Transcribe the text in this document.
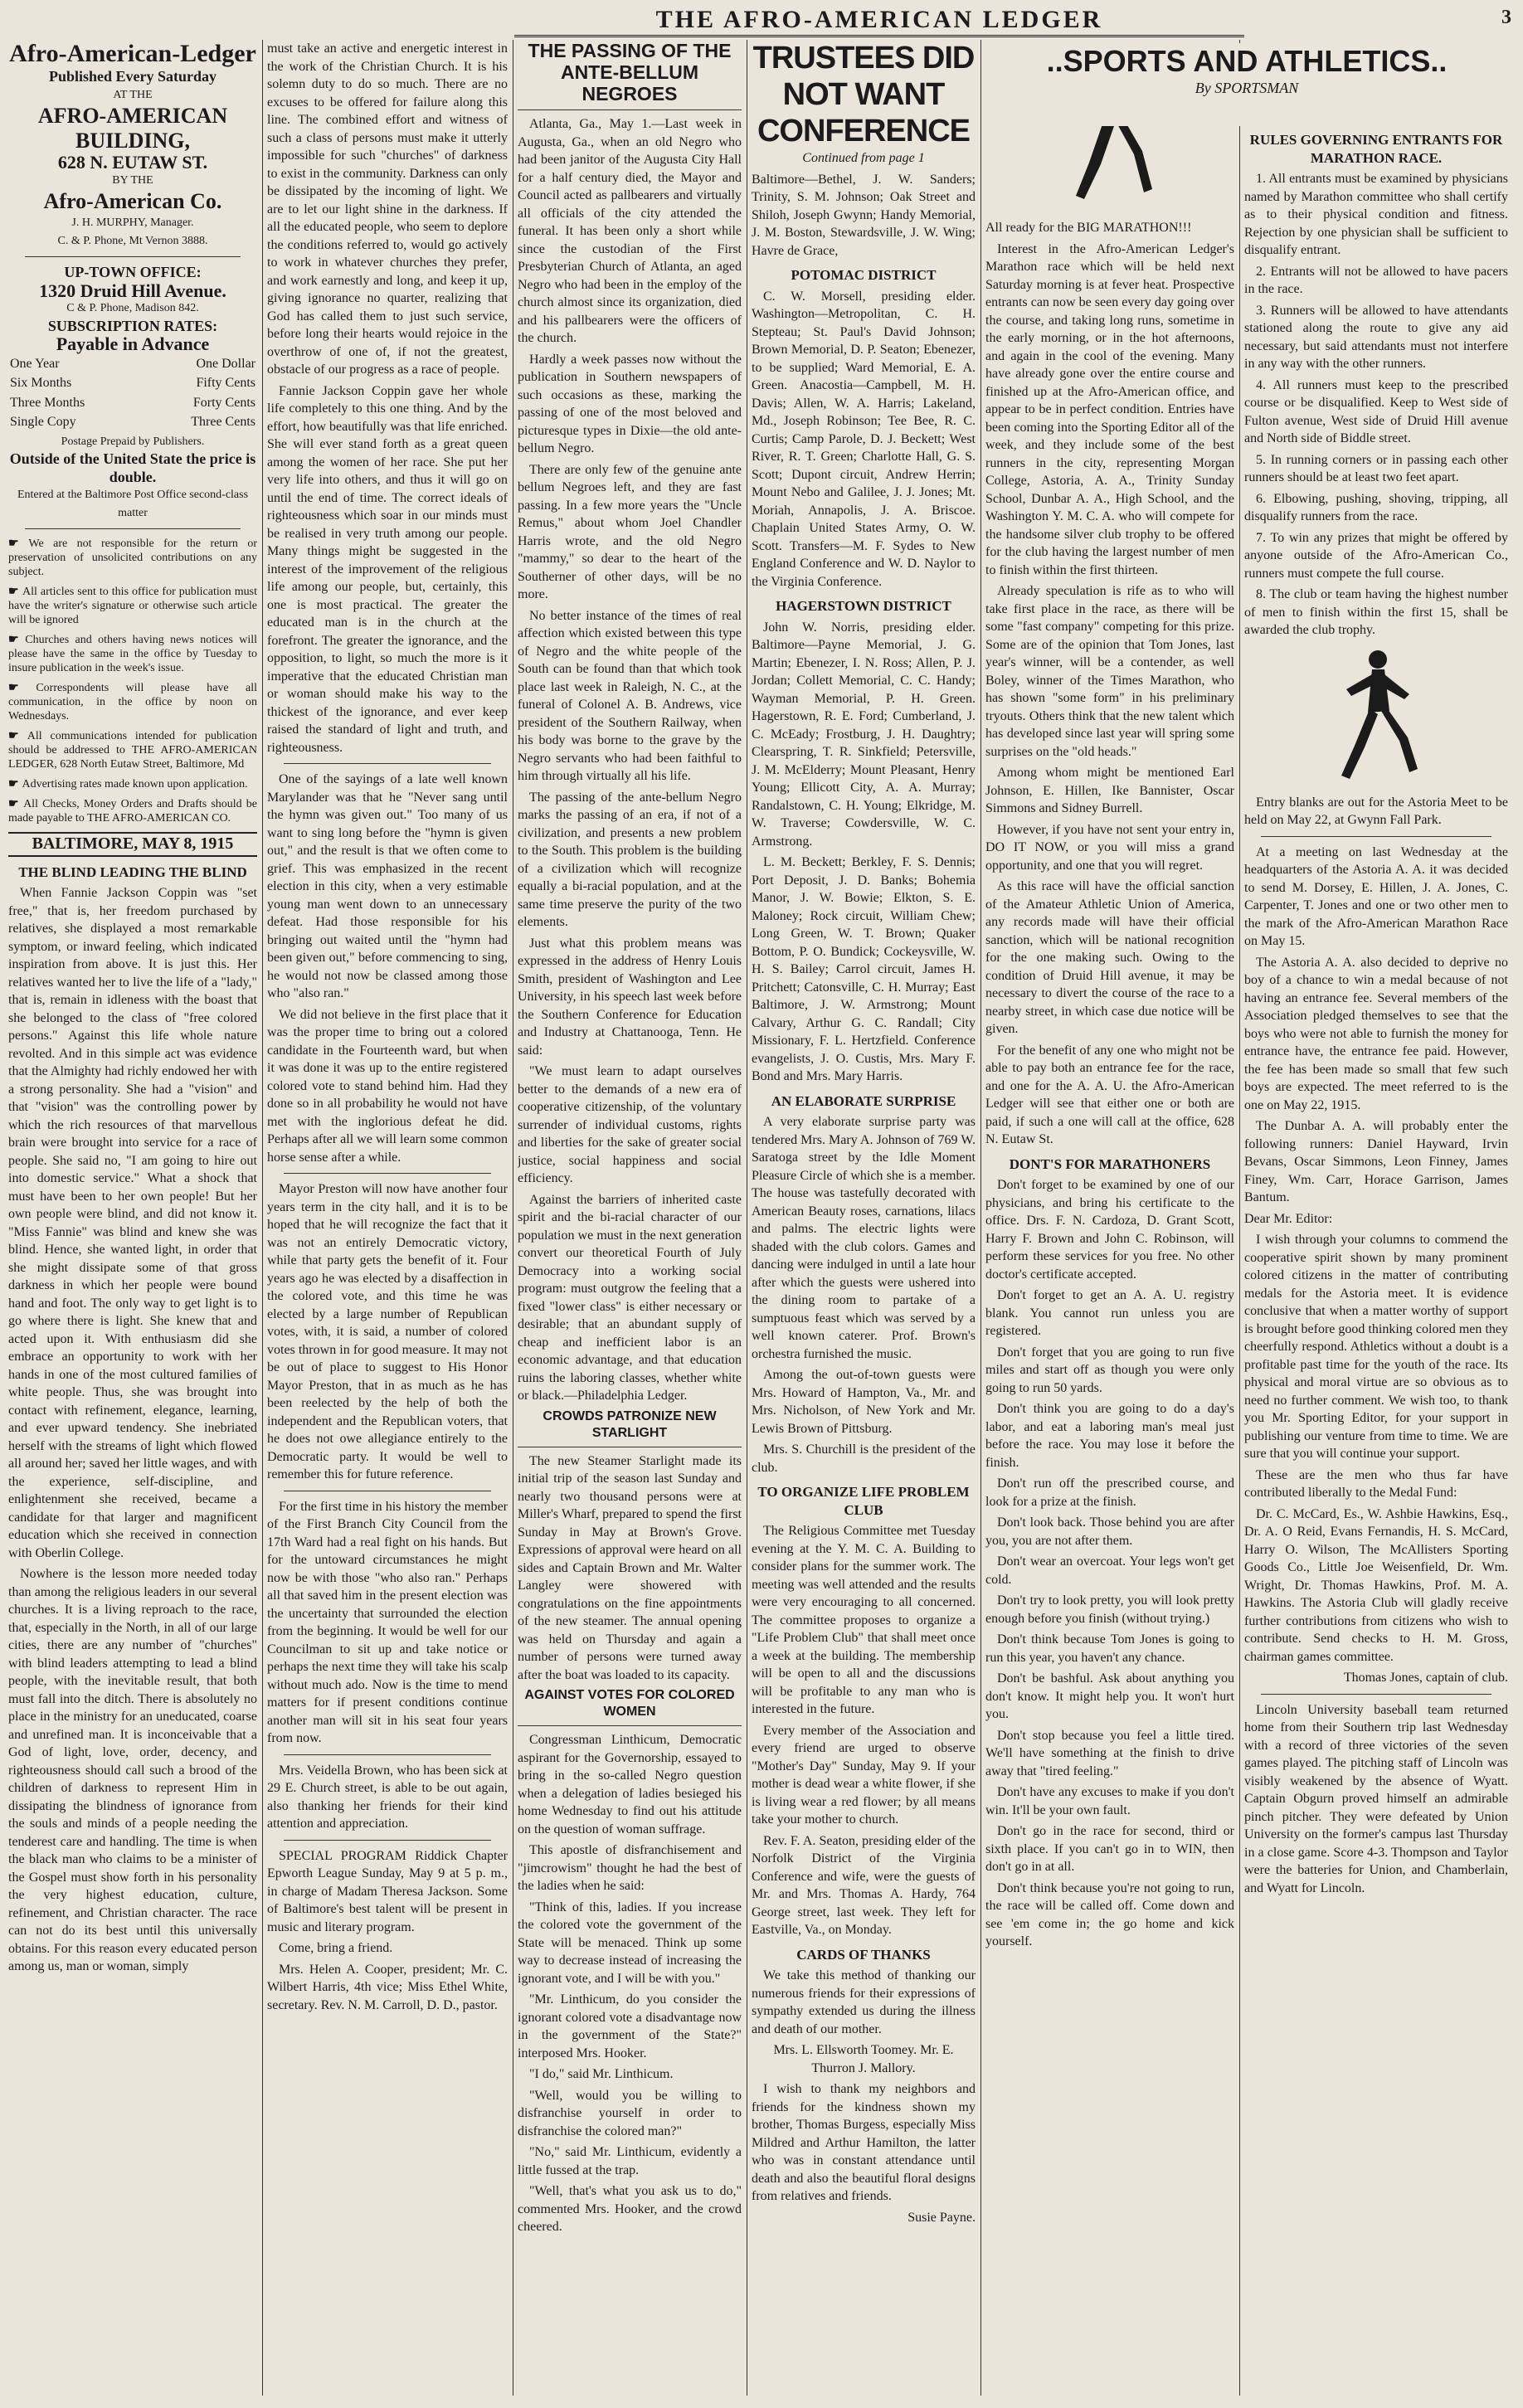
THE AFRO-AMERICAN LEDGER	3
Afro-American-Ledger
Published Every Saturday
AT THE
AFRO-AMERICAN BUILDING,
628 N. EUTAW ST.
BY THE
Afro-American Co.
J. H. MURPHY, Manager.
C. & P. Phone, Mt Vernon 3888.
UP-TOWN OFFICE:
1320 Druid Hill Avenue.
C & P. Phone, Madison 842.
SUBSCRIPTION RATES:
Payable in Advance
One Year	One Dollar
Six Months	Fifty Cents
Three Months	Forty Cents
Single Copy	Three Cents
Postage Prepaid by Publishers.
Outside of the United State the price is double.
Entered at the Baltimore Post Office second-class matter

☛ We are not responsible for the return or preservation of unsolicited contributions on any subject.

☛ All articles sent to this office for publication must have the writer's signature or otherwise such article will be ignored

☛ Churches and others having news notices will please have the same in the office by Tuesday to insure publication in the week's issue.

☛ Correspondents will please have all communication, in the office by noon on Wednesdays.

☛ All communications intended for publication should be addressed to THE AFRO-AMERICAN LEDGER, 628 North Eutaw Street, Baltimore, Md

☛ Advertising rates made known upon application.

☛ All Checks, Money Orders and Drafts should be made payable to THE AFRO-AMERICAN CO.

BALTIMORE, MAY 8, 1915
THE BLIND LEADING THE BLIND

When Fannie Jackson Coppin was "set free," that is, her freedom purchased by relatives, she displayed a most remarkable symptom, or inward feeling, which indicated inspiration from above. It is just this. Her relatives wanted her to live the life of a "lady," that is, remain in idleness with the boast that she belonged to the class of "free colored persons." Against this life whole nature revolted. And in this simple act was evidence that the Almighty had richly endowed her with a strong personality. She had a "vision" and that "vision" was the controlling power by which the rich resources of that marvellous brain were brought into service for a race of people. She said no, "I am going to hire out into domestic service." What a shock that must have been to her own people! But her own people were blind, and did not know it. "Miss Fannie" was blind and knew she was blind. Hence, she wanted light, in order that she might dissipate some of that gross darkness in which her people were bound hand and foot. The only way to get light is to go where there is light. She knew that and acted upon it. With enthusiasm did she embrace an opportunity to work with her hands in one of the most cultured families of white people. Thus, she was brought into contact with refinement, elegance, learning, and ever upward tendency. She inebriated herself with the streams of light which flowed all around her; saved her little wages, and with the experience, self-discipline, and enlightenment she received, became a candidate for that larger and magnificent education which she received in connection with Oberlin College.

Nowhere is the lesson more needed today than among the religious leaders in our several churches. It is a living reproach to the race, that, especially in the North, in all of our large cities, there are any number of "churches" with blind leaders attempting to lead a blind people, with the inevitable result, that both must fall into the ditch. There is absolutely no place in the ministry for an uneducated, coarse and unrefined man. It is inconceivable that a God of light, love, order, decency, and righteousness should call such a brood of the children of darkness to represent Him in dissipating the blindness of ignorance from the souls and minds of a people needing the tenderest care and handling. The time is when the black man who claims to be a minister of the Gospel must show forth in his personality the very highest education, culture, refinement, and Christian character. The race can not do its best until this universally obtains. For this reason every educated person among us, man or woman, simply

must take an active and energetic interest in the work of the Christian Church. It is his solemn duty to do so much. There are no excuses to be offered for failure along this line. The combined effort and witness of such a class of persons must make it utterly impossible for such "churches" of darkness to exist in the community. Darkness can only be dissipated by the incoming of light. We are to let our light shine in the darkness. If all the educated people, who seem to deplore the conditions referred to, would go actively to work in whatever churches they prefer, and work earnestly and long, and keep it up, giving ignorance no quarter, realizing that God has called them to just such service, before long their hearts would rejoice in the overthrow of one of, if not the greatest, obstacle of our progress as a race of people.

Fannie Jackson Coppin gave her whole life completely to this one thing. And by the effort, how beautifully was that life enriched. She will ever stand forth as a great queen among the women of her race. She put her very life into others, and thus it will go on until the end of time. The correct ideals of righteousness which soar in our minds must be realised in very truth among our people. Many things might be suggested in the interest of the improvement of the religious life among our people, but, certainly, this one is most practical. The greater the educated man is in the church at the forefront. The greater the ignorance, and the opposition, to light, so much the more is it imperative that the educated Christian man or woman should make his way to the thickest of the ignorance, and ever keep raised the standard of light and truth, and righteousness.

One of the sayings of a late well known Marylander was that he "Never sang until the hymn was given out." Too many of us want to sing long before the "hymn is given out," and the result is that we often come to grief. This was emphasized in the recent election in this city, when a very estimable young man went down to an unnecessary defeat. Had those responsible for his bringing out waited until the "hymn had been given out," before commencing to sing, he would not now be classed among those who "also ran."

We did not believe in the first place that it was the proper time to bring out a colored candidate in the Fourteenth ward, but when it was done it was up to the entire registered colored vote to stand behind him. Had they done so in all probability he would not have met with the inglorious defeat he did. Perhaps after all we will learn some common horse sense after a while.

Mayor Preston will now have another four years term in the city hall, and it is to be hoped that he will recognize the fact that it was not an entirely Democratic victory, while that party gets the benefit of it. Four years ago he was elected by a disaffection in the colored vote, and this time he was elected by a large number of Republican votes, with, it is said, a number of colored votes thrown in for good measure. It may not be out of place to suggest to His Honor Mayor Preston, that in as much as he has been reelected by the help of both the independent and the Republican voters, that he does not owe allegiance entirely to the Democratic party. It would be well to remember this for future reference.

For the first time in his history the member of the First Branch City Council from the 17th Ward had a real fight on his hands. But for the untoward circumstances he might now be with those "who also ran." Perhaps all that saved him in the present election was the uncertainty that surrounded the election from the beginning. It would be well for our Councilman to sit up and take notice or perhaps the next time they will take his scalp without much ado. Now is the time to mend matters for if present conditions continue another man will sit in his seat four years from now.

Mrs. Veidella Brown, who has been sick at 29 E. Church street, is able to be out again, also thanking her friends for their kind attention and appreciation.

SPECIAL PROGRAM Riddick Chapter Epworth League Sunday, May 9 at 5 p. m., in charge of Madam Theresa Jackson. Some of Baltimore's best talent will be present in music and literary program.

Come, bring a friend.

Mrs. Helen A. Cooper, president; Mr. C. Wilbert Harris, 4th vice; Miss Ethel White, secretary. Rev. N. M. Carroll, D. D., pastor.

THE PASSING OF THE ANTE-BELLUM NEGROES

Atlanta, Ga., May 1.—Last week in Augusta, Ga., when an old Negro who had been janitor of the Augusta City Hall for a half century died, the Mayor and Council acted as pallbearers and virtually all officials of the city attended the funeral. It has been only a short while since the custodian of the First Presbyterian Church of Atlanta, an aged Negro who had been in the employ of the church almost since its organization, died and his pallbearers were the officers of the church.

Hardly a week passes now without the publication in Southern newspapers of such occasions as these, marking the passing of one of the most beloved and picturesque types in Dixie—the old ante-bellum Negro.

There are only few of the genuine ante bellum Negroes left, and they are fast passing. In a few more years the "Uncle Remus," about whom Joel Chandler Harris wrote, and the old Negro "mammy," so dear to the heart of the Southerner of other days, will be no more.

No better instance of the times of real affection which existed between this type of Negro and the white people of the South can be found than that which took place last week in Raleigh, N. C., at the funeral of Colonel A. B. Andrews, vice president of the Southern Railway, when his body was borne to the grave by the Negro servants who had been faithful to him through virtually all his life.

The passing of the ante-bellum Negro marks the passing of an era, if not of a civilization, and presents a new problem to the South. This problem is the building of a civilization which will recognize equally a bi-racial population, and at the same time preserve the purity of the two elements.

Just what this problem means was expressed in the address of Henry Louis Smith, president of Washington and Lee University, in his speech last week before the Southern Conference for Education and Industry at Chattanooga, Tenn. He said:

"We must learn to adapt ourselves better to the demands of a new era of cooperative citizenship, of the voluntary surrender of individual customs, rights and liberties for the sake of greater social justice, social happiness and social efficiency.

Against the barriers of inherited caste spirit and the bi-racial character of our population we must in the next generation convert our theoretical Fourth of July Democracy into a working social program: must outgrow the feeling that a fixed "lower class" is either necessary or desirable; that an abundant supply of cheap and inefficient labor is an economic advantage, and that education ruins the laboring classes, whether white or black.—Philadelphia Ledger.

CROWDS PATRONIZE NEW STARLIGHT

The new Steamer Starlight made its initial trip of the season last Sunday and nearly two thousand persons were at Miller's Wharf, prepared to spend the first Sunday in May at Brown's Grove. Expressions of approval were heard on all sides and Captain Brown and Mr. Walter Langley were showered with congratulations on the fine appointments of the new steamer. The annual opening was held on Thursday and again a number of persons were turned away after the boat was loaded to its capacity.

AGAINST VOTES FOR COLORED WOMEN

Congressman Linthicum, Democratic aspirant for the Governorship, essayed to bring in the so-called Negro question when a delegation of ladies besieged his home Wednesday to find out his attitude on the question of woman suffrage.

This apostle of disfranchisement and "jimcrowism" thought he had the best of the ladies when he said:

"Think of this, ladies. If you increase the colored vote the government of the State will be menaced. Think up some way to decrease instead of increasing the ignorant vote, and I will be with you."

"Mr. Linthicum, do you consider the ignorant colored vote a disadvantage now in the government of the State?" interposed Mrs. Hooker.

"I do," said Mr. Linthicum.

"Well, would you be willing to disfranchise yourself in order to disfranchise the colored man?"

"No," said Mr. Linthicum, evidently a little fussed at the trap.

"Well, that's what you ask us to do," commented Mrs. Hooker, and the crowd cheered.

TRUSTEES DID NOT WANT CONFERENCE

Continued from page 1

Baltimore—Bethel, J. W. Sanders; Trinity, S. M. Johnson; Oak Street and Shiloh, Joseph Gwynn; Handy Memorial, J. M. Boston, Stewardsville, J. W. Wing; Havre de Grace,

POTOMAC DISTRICT

C. W. Morsell, presiding elder. Washington—Metropolitan, C. H. Stepteau; St. Paul's David Johnson; Brown Memorial, D. P. Seaton; Ebenezer, to be supplied; Ward Memorial, E. A. Green. Anacostia—Campbell, M. H. Davis; Allen, W. A. Harris; Lakeland, Md., Joseph Robinson; Tee Bee, R. C. Curtis; Camp Parole, D. J. Beckett; West River, R. T. Green; Charlotte Hall, G. S. Scott; Dupont circuit, Andrew Herrin; Mount Nebo and Galilee, J. J. Jones; Mt. Moriah, Annapolis, J. A. Briscoe. Chaplain United States Army, O. W. Scott. Transfers—M. F. Sydes to New England Conference and W. D. Naylor to the Virginia Conference.

HAGERSTOWN DISTRICT

John W. Norris, presiding elder. Baltimore—Payne Memorial, J. G. Martin; Ebenezer, I. N. Ross; Allen, P. J. Jordan; Collett Memorial, C. C. Handy; Wayman Memorial, P. H. Green. Hagerstown, R. E. Ford; Cumberland, J. C. McEady; Frostburg, J. H. Daughtry; Clearspring, T. R. Sinkfield; Petersville, J. M. McElderry; Mount Pleasant, Henry Young; Ellicott City, A. A. Murray; Randalstown, C. H. Young; Elkridge, M. W. Traverse; Cowdersville, W. C. Armstrong.

L. M. Beckett; Berkley, F. S. Dennis; Port Deposit, J. D. Banks; Bohemia Manor, J. W. Bowie; Elkton, S. E. Maloney; Rock circuit, William Chew; Long Green, W. T. Brown; Quaker Bottom, P. O. Bundick; Cockeysville, W. H. S. Bailey; Carrol circuit, James H. Pritchett; Catonsville, C. H. Murray; East Baltimore, J. W. Armstrong; Mount Calvary, Arthur G. C. Randall; City Missionary, F. L. Hertzfield. Conference evangelists, J. O. Custis, Mrs. Mary F. Bond and Mrs. Mary Harris.

AN ELABORATE SURPRISE

A very elaborate surprise party was tendered Mrs. Mary A. Johnson of 769 W. Saratoga street by the Idle Moment Pleasure Circle of which she is a member. The house was tastefully decorated with American Beauty roses, carnations, lilacs and palms. The electric lights were shaded with the club colors. Games and dancing were indulged in until a late hour after which the guests were ushered into the dining room to partake of a sumptuous feast which was served by a well known caterer. Prof. Brown's orchestra furnished the music.

Among the out-of-town guests were Mrs. Howard of Hampton, Va., Mr. and Mrs. Nicholson, of New York and Mr. Lewis Brown of Pittsburg.

Mrs. S. Churchill is the president of the club.

TO ORGANIZE LIFE PROBLEM CLUB

The Religious Committee met Tuesday evening at the Y. M. C. A. Building to consider plans for the summer work. The meeting was well attended and the results were very encouraging to all concerned. The committee proposes to organize a "Life Problem Club" that shall meet once a week at the building. The membership will be open to all and the discussions will be profitable to any man who is interested in the future.

Every member of the Association and every friend are urged to observe "Mother's Day" Sunday, May 9. If your mother is dead wear a white flower, if she is living wear a red flower; by all means take your mother to church.

Rev. F. A. Seaton, presiding elder of the Norfolk District of the Virginia Conference and wife, were the guests of Mr. and Mrs. Thomas A. Hardy, 764 George street, last week. They left for Eastville, Va., on Monday.

CARDS OF THANKS

We take this method of thanking our numerous friends for their expressions of sympathy extended us during the illness and death of our mother.

Mrs. L. Ellsworth Toomey. Mr. E. Thurron J. Mallory.

I wish to thank my neighbors and friends for the kindness shown my brother, Thomas Burgess, especially Miss Mildred and Arthur Hamilton, the latter who was in constant attendance until death and also the beautiful floral designs from relatives and friends.

Susie Payne.

All ready for the BIG MARATHON!!!

Interest in the Afro-American Ledger's Marathon race which will be held next Saturday morning is at fever heat. Prospective entrants can now be seen every day going over the course, and taking long runs, sometime in the early morning, or in the hot afternoons, and again in the cool of the evening. Many have already gone over the entire course and finished up at the Afro-American office, and appear to be in perfect condition. Entries have been coming into the Sporting Editor all of the week, and they include some of the best runners in the city, representing Morgan College, Astoria, A. A., Trinity Sunday School, Dunbar A. A., High School, and the Washington Y. M. C. A. who will compete for the handsome silver club trophy to be offered for the club having the largest number of men to finish within the first thirteen.

Already speculation is rife as to who will take first place in the race, as there will be some "fast company" competing for this prize. Some are of the opinion that Tom Jones, last year's winner, will be a contender, as well Boley, winner of the Times Marathon, who has shown "some form" in his preliminary tryouts. Others think that the new talent which has developed since last year will spring some surprises on the "old heads."

Among whom might be mentioned Earl Johnson, E. Hillen, Ike Bannister, Oscar Simmons and Sidney Burrell.

However, if you have not sent your entry in, DO IT NOW, or you will miss a grand opportunity, and one that you will regret.

As this race will have the official sanction of the Amateur Athletic Union of America, any records made will have their official sanction, which will be national recognition for the one making such. Owing to the condition of Druid Hill avenue, it may be necessary to divert the course of the race to a nearby street, in which case due notice will be given.

For the benefit of any one who might not be able to pay both an entrance fee for the race, and one for the A. A. U. the Afro-American Ledger will see that either one or both are paid, if such a one will call at the office, 628 N. Eutaw St.

DONT'S FOR MARATHONERS

Don't forget to be examined by one of our physicians, and bring his certificate to the office. Drs. F. N. Cardoza, D. Grant Scott, Harry F. Brown and John C. Robinson, will perform these services for you free. No other doctor's certificate accepted.

Don't forget to get an A. A. U. registry blank. You cannot run unless you are registered.

Don't forget that you are going to run five miles and start off as though you were only going to run 50 yards.

Don't think you are going to do a day's labor, and eat a laboring man's meal just before the race. You may lose it before the finish.

Don't run off the prescribed course, and look for a prize at the finish.

Don't look back. Those behind you are after you, you are not after them.

Don't wear an overcoat. Your legs won't get cold.

Don't try to look pretty, you will look pretty enough before you finish (without trying.)

Don't think because Tom Jones is going to run this year, you haven't any chance.

Don't be bashful. Ask about anything you don't know. It might help you. It won't hurt you.

Don't stop because you feel a little tired. We'll have something at the finish to drive away that "tired feeling."

Don't have any excuses to make if you don't win. It'll be your own fault.

Don't go in the race for second, third or sixth place. If you can't go in to WIN, then don't go in at all.

Don't think because you're not going to run, the race will be called off. Come down and see 'em come in; the go home and kick yourself.

..SPORTS AND ATHLETICS..
By SPORTSMAN
RULES GOVERNING ENTRANTS FOR MARATHON RACE.

1. All entrants must be examined by physicians named by Marathon committee who shall certify as to their physical condition and fitness. Rejection by one physician shall be sufficient to disqualify entrant.

2. Entrants will not be allowed to have pacers in the race.

3. Runners will be allowed to have attendants stationed along the route to give any aid necessary, but said attendants must not interfere in any way with the other runners.

4. All runners must keep to the prescribed course or be disqualified. Keep to West side of Fulton avenue, West side of Druid Hill avenue and North side of Biddle street.

5. In running corners or in passing each other runners should be at least two feet apart.

6. Elbowing, pushing, shoving, tripping, all disqualify runners from the race.

7. To win any prizes that might be offered by anyone outside of the Afro-American Co., runners must compete the full course.

8. The club or team having the highest number of men to finish within the first 15, shall be awarded the club trophy.

Entry blanks are out for the Astoria Meet to be held on May 22, at Gwynn Fall Park.

At a meeting on last Wednesday at the headquarters of the Astoria A. A. it was decided to send M. Dorsey, E. Hillen, J. A. Jones, C. Carpenter, T. Jones and one or two other men to the mark of the Afro-American Marathon Race on May 15.

The Astoria A. A. also decided to deprive no boy of a chance to win a medal because of not having an entrance fee. Several members of the Association pledged themselves to see that the boys who were not able to furnish the money for entrance have, the entrance fee paid. However, the fee has been made so small that few such boys are expected. The meet referred to is the one on May 22, 1915.

The Dunbar A. A. will probably enter the following runners: Daniel Hayward, Irvin Bevans, Oscar Simmons, Leon Finney, James Finey, Wm. Carr, Horace Garrison, James Bantum.

Dear Mr. Editor:

I wish through your columns to commend the cooperative spirit shown by many prominent colored citizens in the matter of contributing medals for the Astoria meet. It is evidence conclusive that when a matter worthy of support is brought before good thinking colored men they cheerfully respond. Athletics without a doubt is a profitable past time for the youth of the race. Its physical and moral virtue are so obvious as to need no further comment. We wish too, to thank you Mr. Sporting Editor, for your support in publishing our venture from time to time. We are sure that you will continue your support.

These are the men who thus far have contributed liberally to the Medal Fund:

Dr. C. McCard, Es., W. Ashbie Hawkins, Esq., Dr. A. O Reid, Evans Fernandis, H. S. McCard, Harry O. Wilson, The McAllisters Sporting Goods Co., Little Joe Weisenfield, Dr. Wm. Wright, Dr. Thomas Hawkins, Prof. M. A. Hawkins. The Astoria Club will gladly receive further contributions from citizens who wish to contribute. Send checks to H. M. Gross, chairman games committee.

Thomas Jones, captain of club.

Lincoln University baseball team returned home from their Southern trip last Wednesday with a record of three victories of the seven games played. The pitching staff of Lincoln was visibly weakened by the absence of Wyatt. Captain Obgurn proved himself an admirable pinch pitcher. They were defeated by Union University on the former's campus last Thursday in a close game. Score 4-3. Thompson and Taylor were the batteries for Union, and Chamberlain, and Wyatt for Lincoln.
